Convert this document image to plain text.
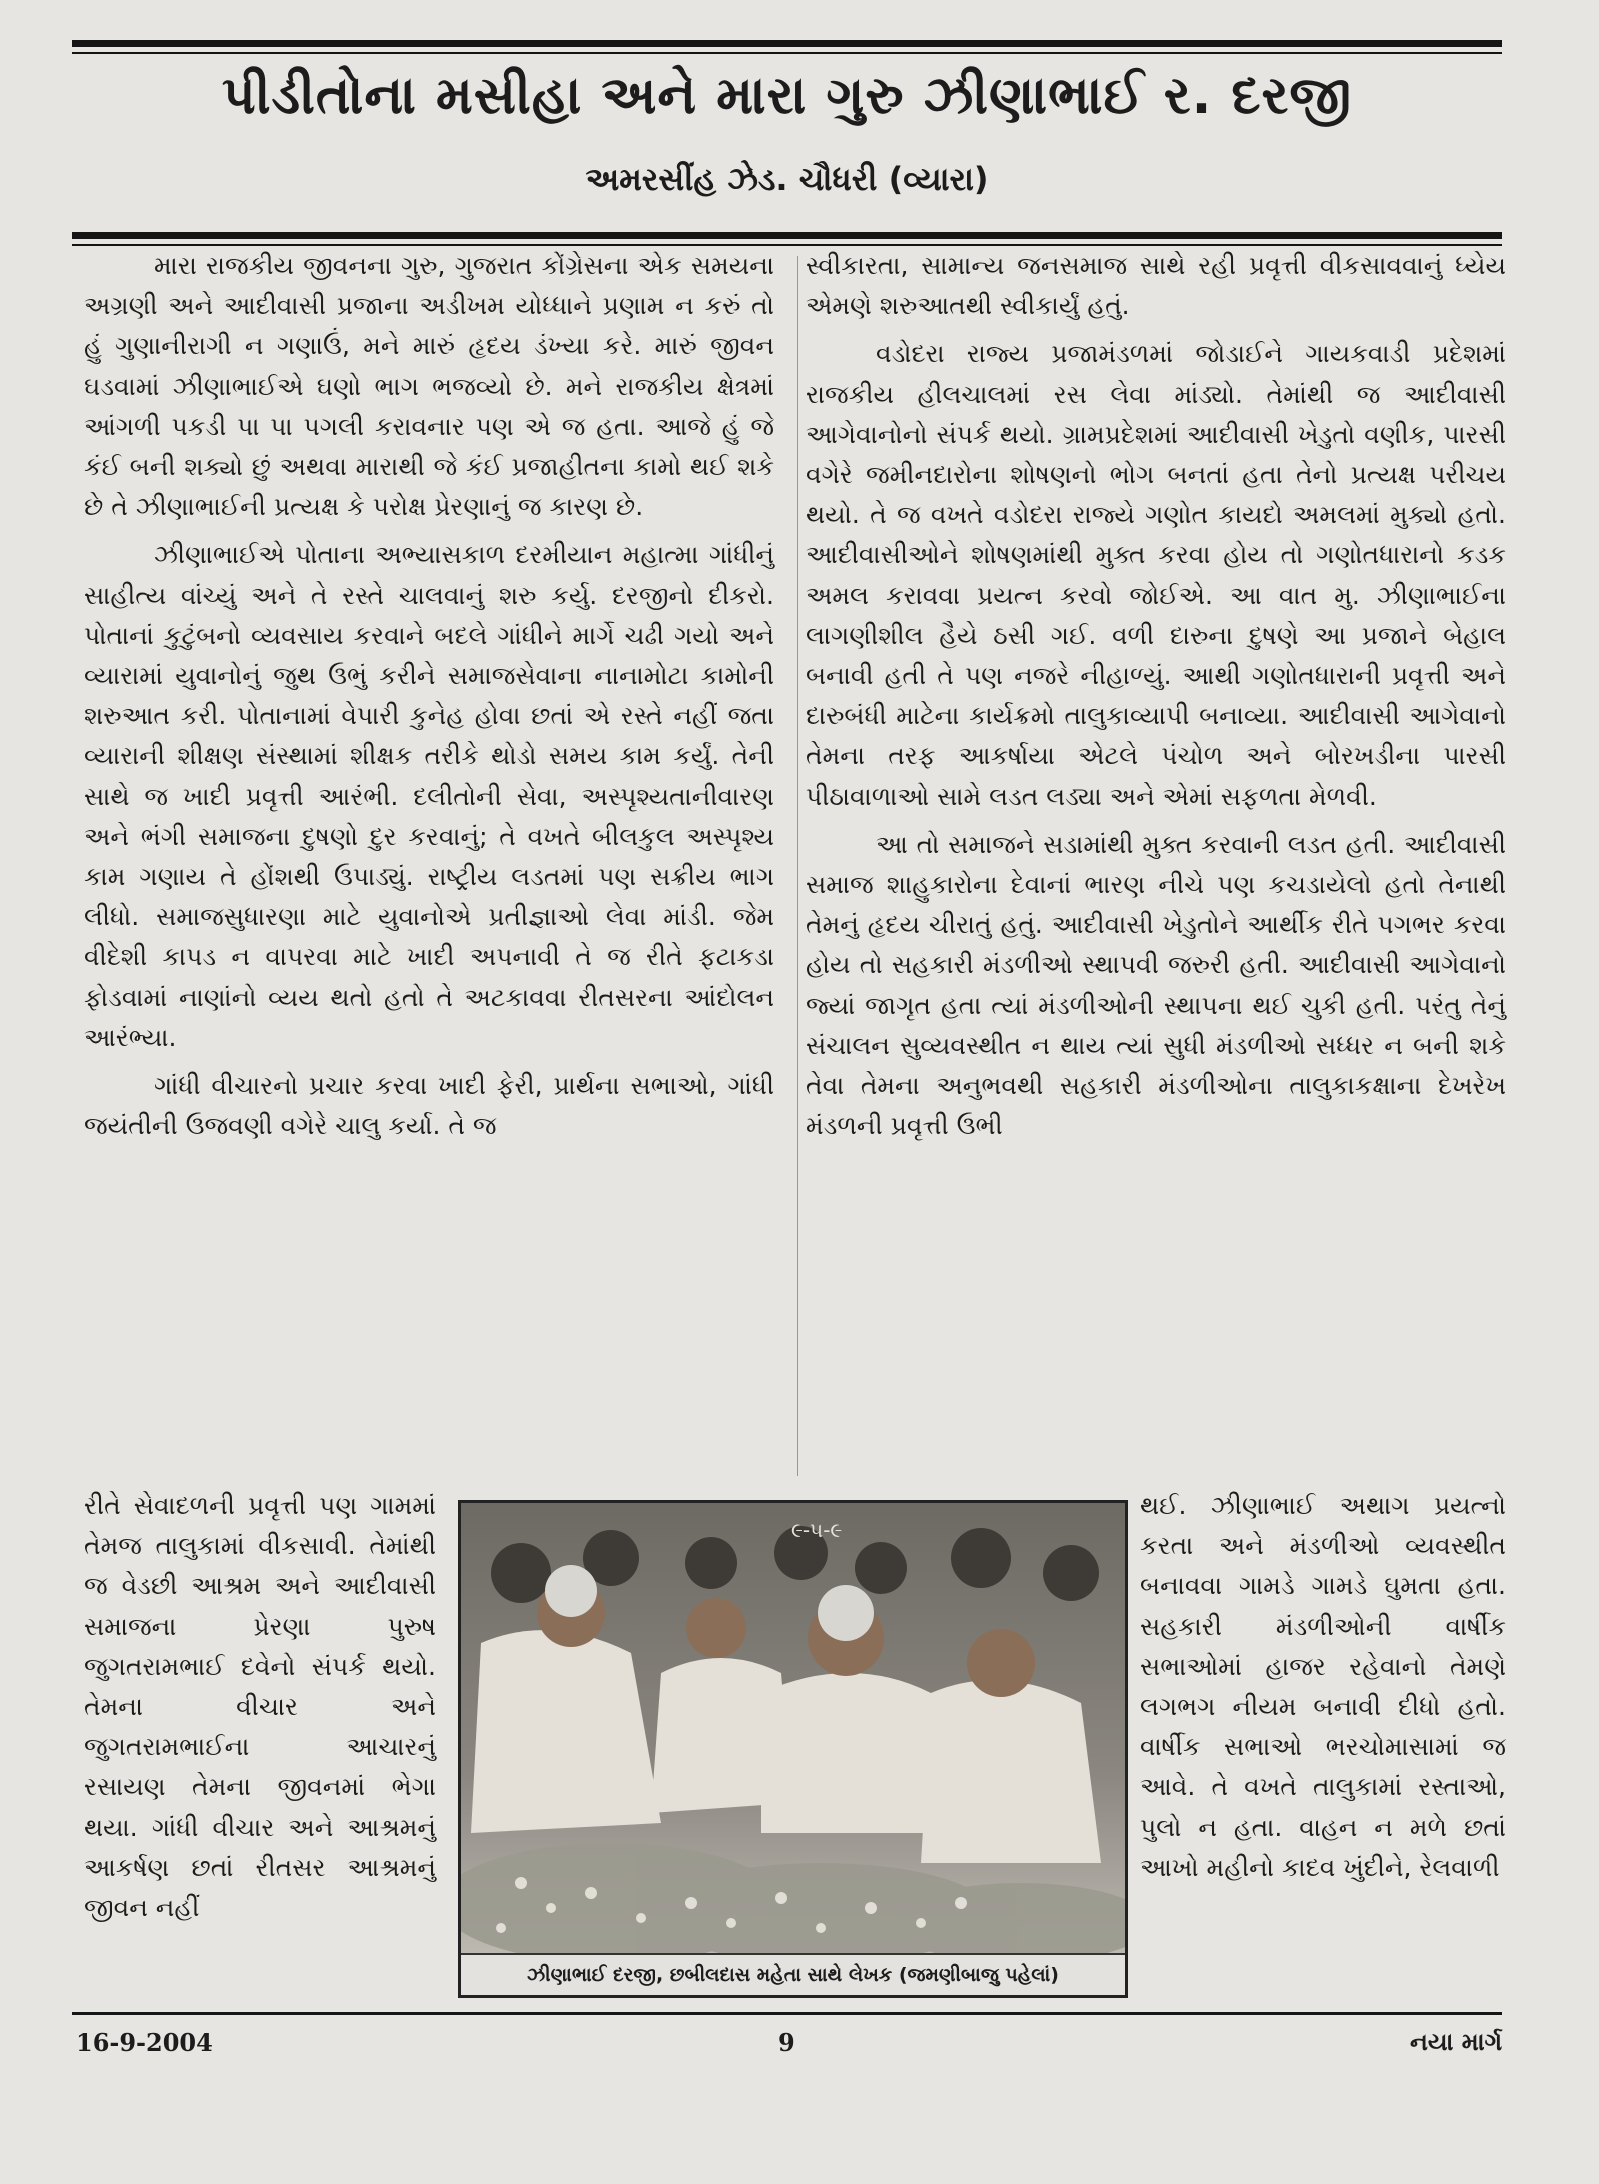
પીડીતોના મસીહા અને મારા ગુરુ ઝીણાભાઈ ર. દરજી
અમરસીંહ ઝેડ. ચૌધરી (વ્યારા)

મારા રાજકીય જીવનના ગુરુ, ગુજરાત કોંગ્રેસના એક સમયના અગ્રણી અને આદીવાસી પ્રજાના અડીખમ યોધ્ધાને પ્રણામ ન કરું તો હું ગુણાનીરાગી ન ગણાઉં, મને મારું હૃદય ડંખ્યા કરે. મારું જીવન ઘડવામાં ઝીણાભાઈએ ઘણો ભાગ ભજવ્યો છે. મને રાજકીય ક્ષેત્રમાં આંગળી પકડી પા પા પગલી કરાવનાર પણ એ જ હતા. આજે હું જે કંઈ બની શક્યો છું અથવા મારાથી જે કંઈ પ્રજાહીતના કામો થઈ શકે છે તે ઝીણાભાઈની પ્રત્યક્ષ કે પરોક્ષ પ્રેરણાનું જ કારણ છે.

ઝીણાભાઈએ પોતાના અભ્યાસકાળ દરમીયાન મહાત્મા ગાંધીનું સાહીત્ય વાંચ્યું અને તે રસ્તે ચાલવાનું શરુ કર્યુ. દરજીનો દીકરો. પોતાનાં કુટુંબનો વ્યવસાય કરવાને બદલે ગાંધીને માર્ગે ચઢી ગયો અને વ્યારામાં યુવાનોનું જુથ ઉભું કરીને સમાજસેવાના નાનામોટા કામોની શરુઆત કરી. પોતાનામાં વેપારી કુનેહ હોવા છતાં એ રસ્તે નહીં જતા વ્યારાની શીક્ષણ સંસ્થામાં શીક્ષક તરીકે થોડો સમય કામ કર્યું. તેની સાથે જ ખાદી પ્રવૃત્તી આરંભી. દલીતોની સેવા, અસ્પૃશ્યતાનીવારણ અને ભંગી સમાજના દુષણો દુર કરવાનું; તે વખતે બીલકુલ અસ્પૃશ્ય કામ ગણાય તે હોંશથી ઉપાડ્યું. રાષ્ટ્રીય લડતમાં પણ સક્રીય ભાગ લીધો. સમાજસુધારણા માટે યુવાનોએ પ્રતીજ્ઞાઓ લેવા માંડી. જેમ વીદેશી કાપડ ન વાપરવા માટે ખાદી અપનાવી તે જ રીતે ફટાકડા ફોડવામાં નાણાંનો વ્યય થતો હતો તે અટકાવવા રીતસરના આંદોલન આરંભ્યા.

ગાંધી વીચારનો પ્રચાર કરવા ખાદી ફેરી, પ્રાર્થના સભાઓ, ગાંધી જયંતીની ઉજવણી વગેરે ચાલુ કર્યા. તે જ

સ્વીકારતા, સામાન્ય જનસમાજ સાથે રહી પ્રવૃત્તી વીકસાવવાનું ધ્યેય એમણે શરુઆતથી સ્વીકાર્યું હતું.

વડોદરા રાજ્ય પ્રજામંડળમાં જોડાઈને ગાયકવાડી પ્રદેશમાં રાજકીય હીલચાલમાં રસ લેવા માંડ્યો. તેમાંથી જ આદીવાસી આગેવાનોનો સંપર્ક થયો. ગ્રામપ્રદેશમાં આદીવાસી ખેડુતો વણીક, પારસી વગેરે જમીનદારોના શોષણનો ભોગ બનતાં હતા તેનો પ્રત્યક્ષ પરીચય થયો. તે જ વખતે વડોદરા રાજ્યે ગણોત કાયદો અમલમાં મુક્યો હતો. આદીવાસીઓને શોષણમાંથી મુક્ત કરવા હોય તો ગણોતધારાનો કડક અમલ કરાવવા પ્રયત્ન કરવો જોઈએ. આ વાત મુ. ઝીણાભાઈના લાગણીશીલ હૈયે ઠસી ગઈ. વળી દારુના દુષણે આ પ્રજાને બેહાલ બનાવી હતી તે પણ નજરે નીહાળ્યું. આથી ગણોતધારાની પ્રવૃત્તી અને દારુબંધી માટેના કાર્યક્રમો તાલુકાવ્યાપી બનાવ્યા. આદીવાસી આગેવાનો તેમના તરફ આકર્ષાયા એટલે પંચોળ અને બોરખડીના પારસી પીઠાવાળાઓ સામે લડત લડ્યા અને એમાં સફળતા મેળવી.

આ તો સમાજને સડામાંથી મુક્ત કરવાની લડત હતી. આદીવાસી સમાજ શાહુકારોના દેવાનાં ભારણ નીચે પણ કચડાયેલો હતો તેનાથી તેમનું હૃદય ચીરાતું હતું. આદીવાસી ખેડુતોને આર્થીક રીતે પગભર કરવા હોય તો સહકારી મંડળીઓ સ્થાપવી જરુરી હતી. આદીવાસી આગેવાનો જ્યાં જાગૃત હતા ત્યાં મંડળીઓની સ્થાપના થઈ ચુકી હતી. પરંતુ તેનું સંચાલન સુવ્યવસ્થીત ન થાય ત્યાં સુધી મંડળીઓ સધ્ધર ન બની શકે તેવા તેમના અનુભવથી સહકારી મંડળીઓના તાલુકાકક્ષાના દેખરેખ મંડળની પ્રવૃત્તી ઉભી

રીતે સેવાદળની પ્રવૃત્તી પણ ગામમાં તેમજ તાલુકામાં વીકસાવી. તેમાંથી જ વેડછી આશ્રમ અને આદીવાસી સમાજના પ્રેરણા પુરુષ જુગતરામભાઈ દવેનો સંપર્ક થયો. તેમના વીચાર અને જુગતરામભાઈના આચારનું રસાયણ તેમના જીવનમાં ભેગા થયા. ગાંધી વીચાર અને આશ્રમનું આકર્ષણ છતાં રીતસર આશ્રમનું જીવન નહીં
થઈ. ઝીણાભાઈ અથાગ પ્રયત્નો કરતા અને મંડળીઓ વ્યવસ્થીત બનાવવા ગામડે ગામડે ઘુમતા હતા. સહકારી મંડળીઓની વાર્ષીક સભાઓમાં હાજર રહેવાનો તેમણે લગભગ નીયમ બનાવી દીધો હતો. વાર્ષીક સભાઓ ભરચોમાસામાં જ આવે. તે વખતે તાલુકામાં રસ્તાઓ, પુલો ન હતા. વાહન ન મળે છતાં આખો મહીનો કાદવ ખુંદીને, રેલવાળી
૯-૫-૯
ઝીણાભાઈ દરજી, છબીલદાસ મહેતા સાથે લેખક (જમણીબાજુ પહેલાં)
16-9-2004	9	નયા માર્ગ
